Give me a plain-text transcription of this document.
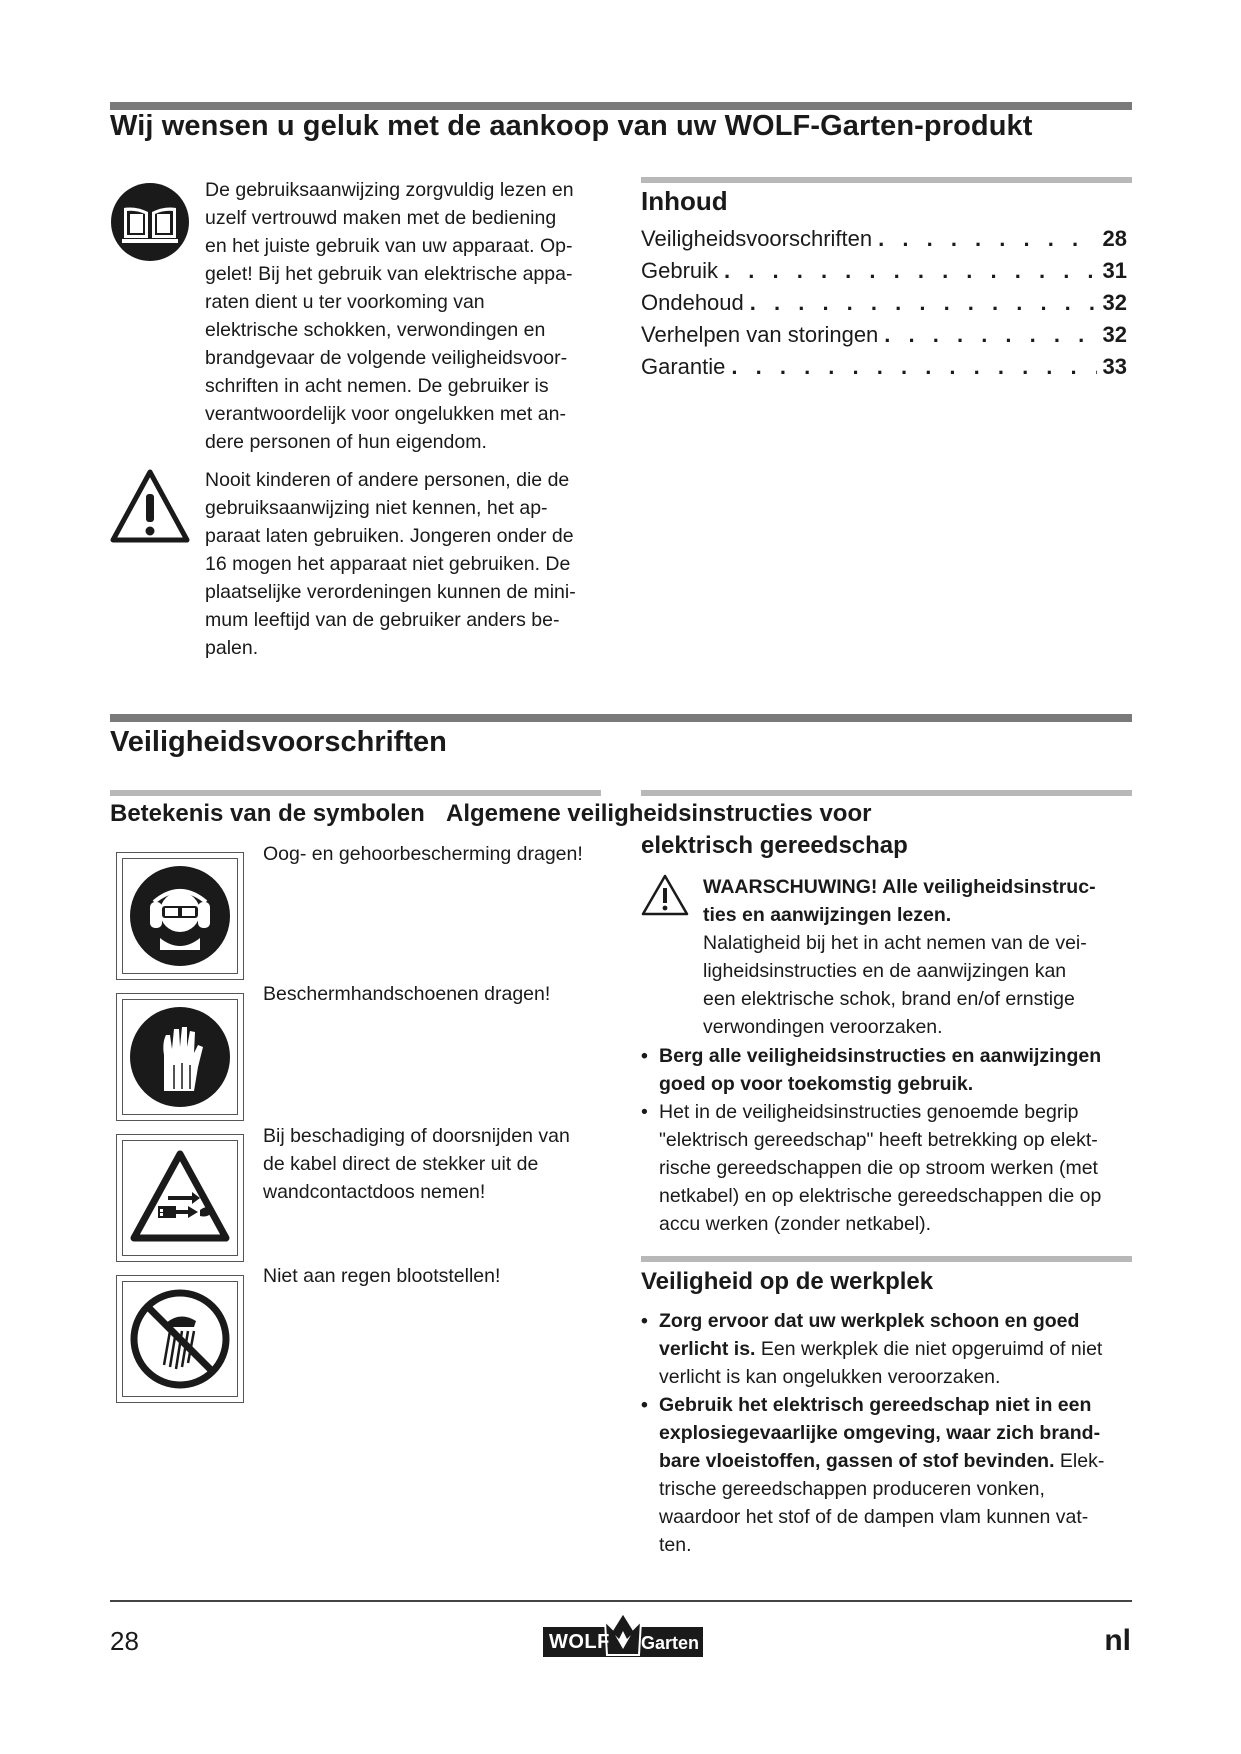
Wij wensen u geluk met de aankoop van uw WOLF-Garten-produkt
De gebruiksaanwijzing zorgvuldig lezen en
uzelf vertrouwd maken met de bediening
en het juiste gebruik van uw apparaat. Op-
gelet! Bij het gebruik van elektrische appa-
raten dient u ter voorkoming van
elektrische schokken, verwondingen en
brandgevaar de volgende veiligheidsvoor-
schriften in acht nemen. De gebruiker is
verantwoordelijk voor ongelukken met an-
dere personen of hun eigendom.
Nooit kinderen of andere personen, die de
gebruiksaanwijzing niet kennen, het ap-
paraat laten gebruiken. Jongeren onder de
16 mogen het apparaat niet gebruiken. De
plaatselijke verordeningen kunnen de mini-
mum leeftijd van de gebruiker anders be-
palen.
Inhoud
Veiligheidsvoorschriften . . .	28
Gebruik . . .	31
Ondehoud . . .	32
Verhelpen van storingen . . .	32
Garantie . . .	33
Veiligheidsvoorschriften
Betekenis van de symbolen Algemene veiligheidsinstructies voor
elektrisch gereedschap
Oog- en gehoorbescherming dragen!
Beschermhandschoenen dragen!
Bij beschadiging of doorsnijden van
de kabel direct de stekker uit de
wandcontactdoos nemen!
Niet aan regen blootstellen!
WAARSCHUWING! Alle veiligheidsinstruc-
ties en aanwijzingen lezen.
Nalatigheid bij het in acht nemen van de vei-
ligheidsinstructies en de aanwijzingen kan
een elektrische schok, brand en/of ernstige
verwondingen veroorzaken.
• Berg alle veiligheidsinstructies en aanwijzingen
goed op voor toekomstig gebruik.
• Het in de veiligheidsinstructies genoemde begrip
"elektrisch gereedschap" heeft betrekking op elekt-
rische gereedschappen die op stroom werken (met
netkabel) en op elektrische gereedschappen die op
accu werken (zonder netkabel).
Veiligheid op de werkplek
• Zorg ervoor dat uw werkplek schoon en goed
verlicht is. Een werkplek die niet opgeruimd of niet
verlicht is kan ongelukken veroorzaken.
• Gebruik het elektrisch gereedschap niet in een
explosiegevaarlijke omgeving, waar zich brand-
bare vloeistoffen, gassen of stof bevinden. Elek-
trische gereedschappen produceren vonken,
waardoor het stof of de dampen vlam kunnen vat-
ten.
28	WOLF Garten	nl
